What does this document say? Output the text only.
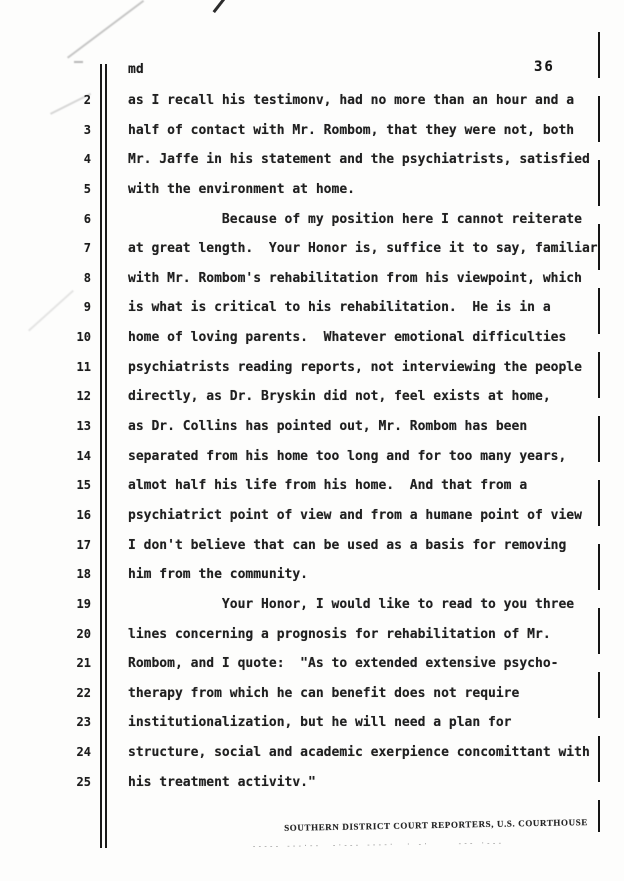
md	36
2	as I recall his testimonv, had no more than an hour and a
3	half of contact with Mr. Rombom, that they were not, both
4	Mr. Jaffe in his statement and the psychiatrists, satisfied
5	with the environment at home.
6	Because of my position here I cannot reiterate
7	at great length.  Your Honor is, suffice it to say, familiar
8	with Mr. Rombom's rehabilitation from his viewpoint, which
9	is what is critical to his rehabilitation.  He is in a
10	home of loving parents.  Whatever emotional difficulties
11	psychiatrists reading reports, not interviewing the people
12	directly, as Dr. Bryskin did not, feel exists at home,
13	as Dr. Collins has pointed out, Mr. Rombom has been
14	separated from his home too long and for too many years,
15	almot half his life from his home.  And that from a
16	psychiatrict point of view and from a humane point of view
17	I don't believe that can be used as a basis for removing
18	him from the community.
19	Your Honor, I would like to read to you three
20	lines concerning a prognosis for rehabilitation of Mr.
21	Rombom, and I quote:  "As to extended extensive psycho-
22	therapy from which he can benefit does not require
23	institutionalization, but he will need a plan for
24	structure, social and academic exerpience concomittant with
25	his treatment activitv."
SOUTHERN DISTRICT COURT REPORTERS, U.S. COURTHOUSE
----- ---·--  -·--- ----·  · -·     --- ·---
